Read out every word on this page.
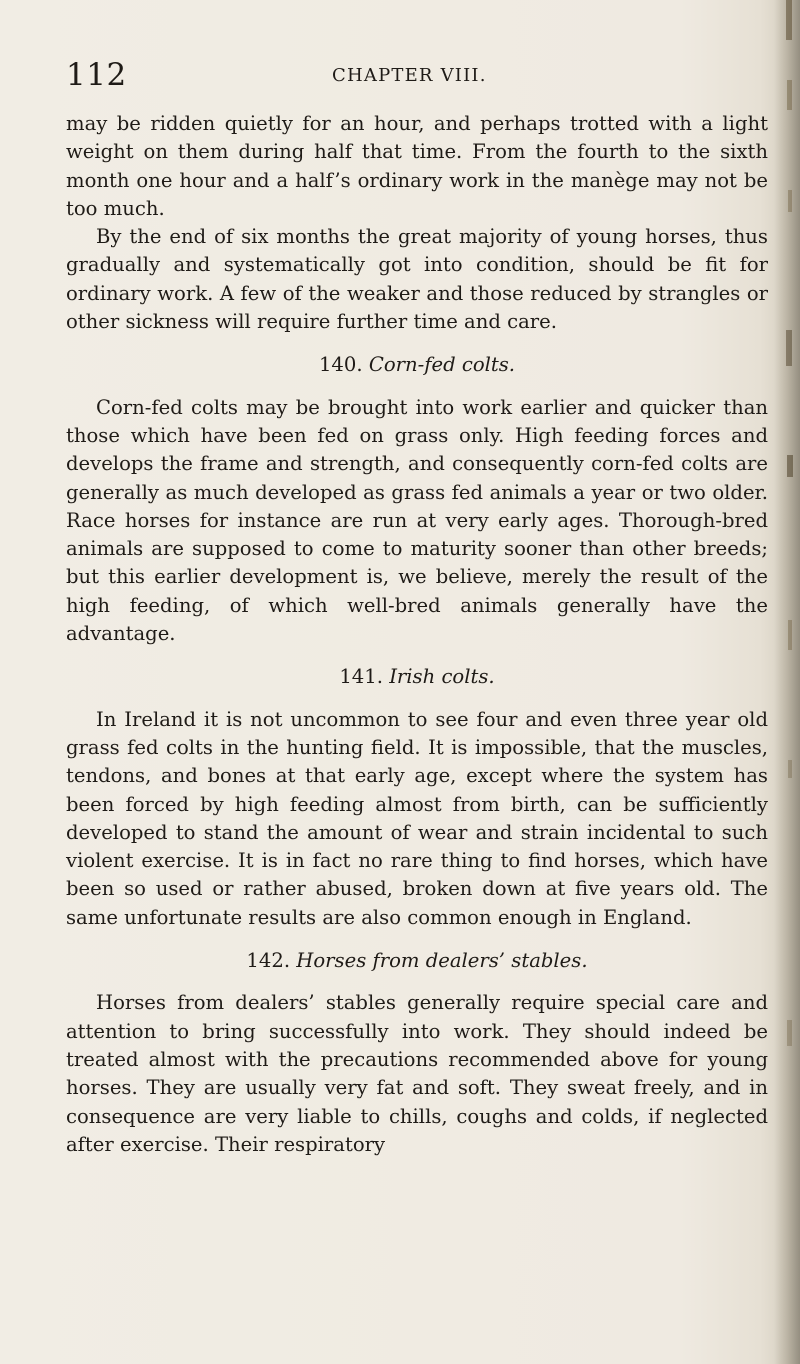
112	CHAPTER VIII.

may be ridden quietly for an hour, and perhaps trotted with a light weight on them during half that time. From the fourth to the sixth month one hour and a half’s ordinary work in the manège may not be too much.

By the end of six months the great majority of young horses, thus gradually and systematically got into condition, should be fit for ordinary work. A few of the weaker and those reduced by strangles or other sickness will require further time and care.

140. Corn-fed colts.

Corn-fed colts may be brought into work earlier and quicker than those which have been fed on grass only. High feeding forces and develops the frame and strength, and consequently corn-fed colts are generally as much developed as grass fed animals a year or two older. Race horses for instance are run at very early ages. Thorough-bred animals are supposed to come to maturity sooner than other breeds; but this earlier development is, we believe, merely the result of the high feeding, of which well-bred animals generally have the advantage.

141. Irish colts.

In Ireland it is not uncommon to see four and even three year old grass fed colts in the hunting field. It is impossible, that the muscles, tendons, and bones at that early age, except where the system has been forced by high feeding almost from birth, can be sufficiently developed to stand the amount of wear and strain incidental to such violent exercise. It is in fact no rare thing to find horses, which have been so used or rather abused, broken down at five years old. The same unfortunate results are also common enough in England.

142. Horses from dealers’ stables.

Horses from dealers’ stables generally require special care and attention to bring successfully into work. They should indeed be treated almost with the precautions recommended above for young horses. They are usually very fat and soft. They sweat freely, and in consequence are very liable to chills, coughs and colds, if neglected after exercise. Their respiratory
